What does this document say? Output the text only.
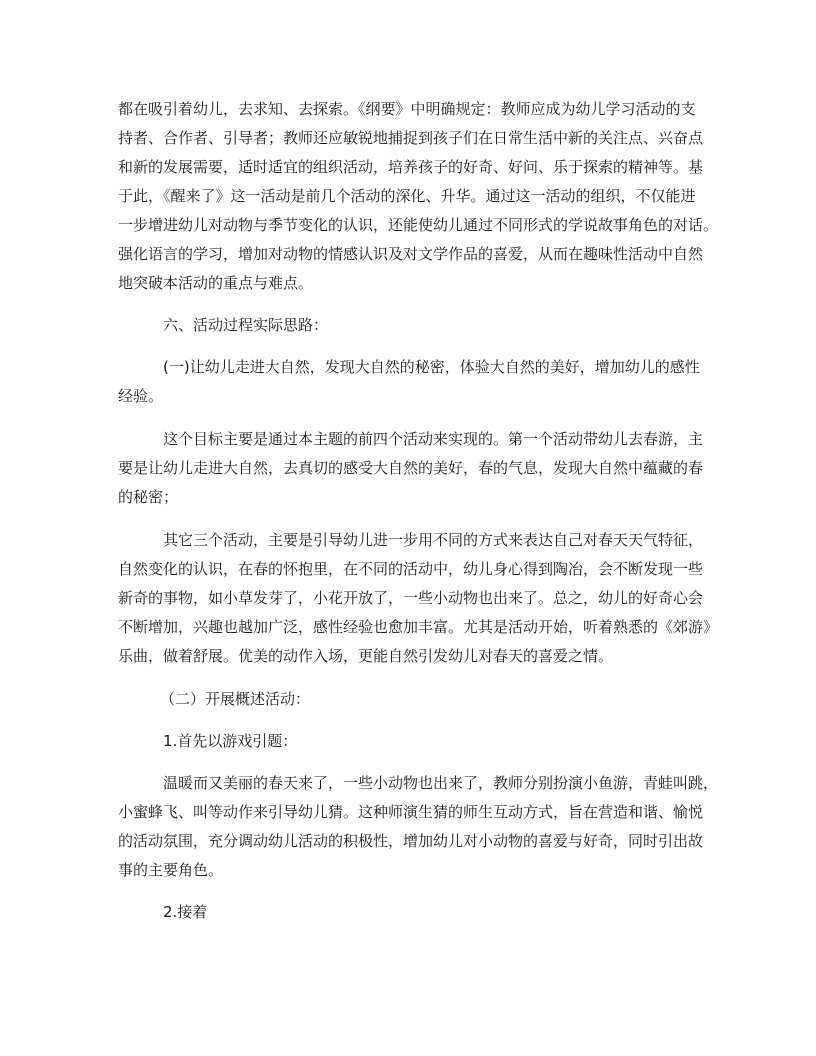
都在吸引着幼儿，去求知、去探索。《纲要》中明确规定：教师应成为幼儿学习活动的支
持者、合作者、引导者；教师还应敏锐地捕捉到孩子们在日常生活中新的关注点、兴奋点
和新的发展需要，适时适宜的组织活动，培养孩子的好奇、好问、乐于探索的精神等。基
于此，《醒来了》这一活动是前几个活动的深化、升华。通过这一活动的组织，不仅能进
一步增进幼儿对动物与季节变化的认识，还能使幼儿通过不同形式的学说故事角色的对话。
强化语言的学习，增加对动物的情感认识及对文学作品的喜爱，从而在趣味性活动中自然
地突破本活动的重点与难点。
六、活动过程实际思路：
(一)让幼儿走进大自然，发现大自然的秘密，体验大自然的美好，增加幼儿的感性
经验。
这个目标主要是通过本主题的前四个活动来实现的。第一个活动带幼儿去春游，主
要是让幼儿走进大自然，去真切的感受大自然的美好，春的气息，发现大自然中蕴藏的春
的秘密；
其它三个活动，主要是引导幼儿进一步用不同的方式来表达自己对春天天气特征，
自然变化的认识，在春的怀抱里，在不同的活动中，幼儿身心得到陶冶，会不断发现一些
新奇的事物，如小草发芽了，小花开放了，一些小动物也出来了。总之，幼儿的好奇心会
不断增加，兴趣也越加广泛，感性经验也愈加丰富。尤其是活动开始，听着熟悉的《郊游》
乐曲，做着舒展。优美的动作入场，更能自然引发幼儿对春天的喜爱之情。
（二）开展概述活动：
1.首先以游戏引题：
温暖而又美丽的春天来了，一些小动物也出来了，教师分别扮演小鱼游，青蛙叫跳，
小蜜蜂飞、叫等动作来引导幼儿猜。这种师演生猜的师生互动方式，旨在营造和谐、愉悦
的活动氛围，充分调动幼儿活动的积极性，增加幼儿对小动物的喜爱与好奇，同时引出故
事的主要角色。
2.接着
